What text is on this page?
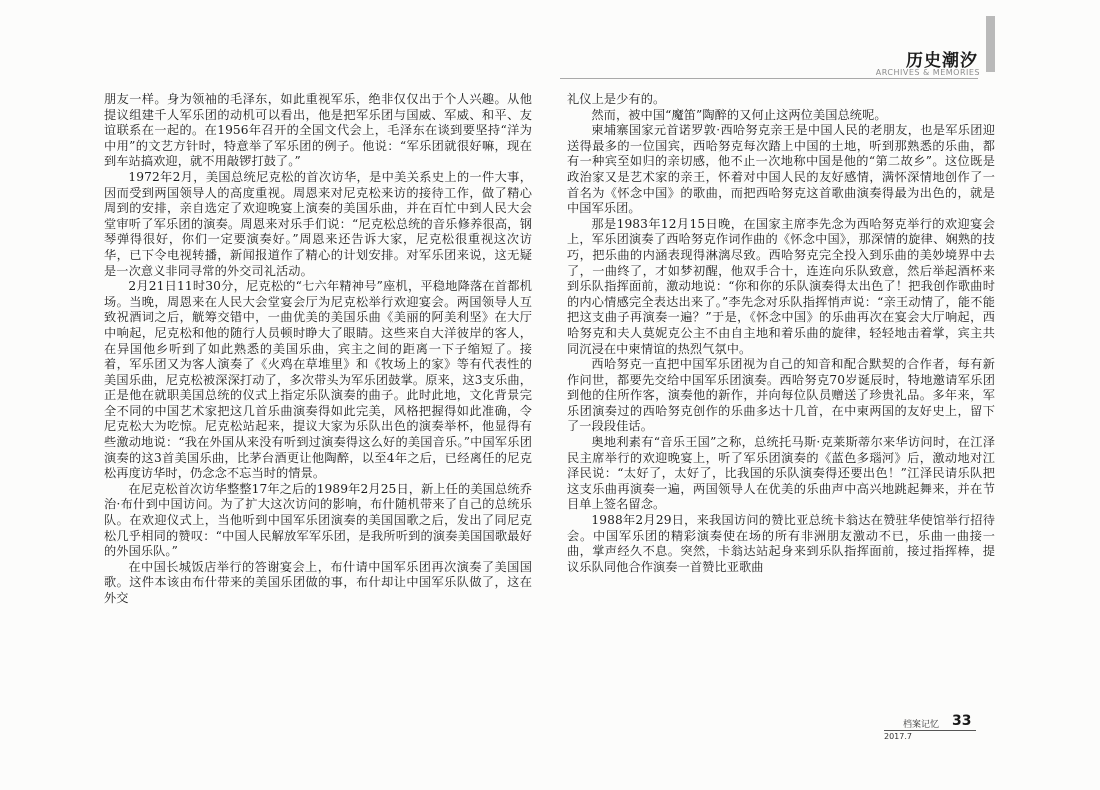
历史潮汐
ARCHIVES & MEMORIES

朋友一样。身为领袖的毛泽东，如此重视军乐，绝非仅仅出于个人兴趣。从他提议组建千人军乐团的动机可以看出，他是把军乐团与国威、军威、和平、友谊联系在一起的。在1956年召开的全国文代会上，毛泽东在谈到要坚持“洋为中用”的文艺方针时，特意举了军乐团的例子。他说：“军乐团就很好嘛，现在到车站搞欢迎，就不用敲锣打鼓了。”

1972年2月，美国总统尼克松的首次访华，是中美关系史上的一件大事，因而受到两国领导人的高度重视。周恩来对尼克松来访的接待工作，做了精心周到的安排，亲自选定了欢迎晚宴上演奏的美国乐曲，并在百忙中到人民大会堂审听了军乐团的演奏。周恩来对乐手们说：“尼克松总统的音乐修养很高，钢琴弹得很好，你们一定要演奏好。”周恩来还告诉大家，尼克松很重视这次访华，已下令电视转播，新闻报道作了精心的计划安排。对军乐团来说，这无疑是一次意义非同寻常的外交司礼活动。

2月21日11时30分，尼克松的“七六年精神号”座机，平稳地降落在首都机场。当晚，周恩来在人民大会堂宴会厅为尼克松举行欢迎宴会。两国领导人互致祝酒词之后，觥筹交错中，一曲优美的美国乐曲《美丽的阿美利坚》在大厅中响起，尼克松和他的随行人员顿时睁大了眼睛。这些来自大洋彼岸的客人，在异国他乡听到了如此熟悉的美国乐曲，宾主之间的距离一下子缩短了。接着，军乐团又为客人演奏了《火鸡在草堆里》和《牧场上的家》等有代表性的美国乐曲，尼克松被深深打动了，多次带头为军乐团鼓掌。原来，这3支乐曲，正是他在就职美国总统的仪式上指定乐队演奏的曲子。此时此地，文化背景完全不同的中国艺术家把这几首乐曲演奏得如此完美，风格把握得如此准确，令尼克松大为吃惊。尼克松站起来，提议大家为乐队出色的演奏举杯，他显得有些激动地说：“我在外国从来没有听到过演奏得这么好的美国音乐。”中国军乐团演奏的这3首美国乐曲，比茅台酒更让他陶醉，以至4年之后，已经离任的尼克松再度访华时，仍念念不忘当时的情景。

在尼克松首次访华整整17年之后的1989年2月25日，新上任的美国总统乔治·布什到中国访问。为了扩大这次访问的影响，布什随机带来了自己的总统乐队。在欢迎仪式上，当他听到中国军乐团演奏的美国国歌之后，发出了同尼克松几乎相同的赞叹：“中国人民解放军军乐团，是我所听到的演奏美国国歌最好的外国乐队。”

在中国长城饭店举行的答谢宴会上，布什请中国军乐团再次演奏了美国国歌。这件本该由布什带来的美国乐团做的事，布什却让中国军乐队做了，这在外交

礼仪上是少有的。

然而，被中国“魔笛”陶醉的又何止这两位美国总统呢。

柬埔寨国家元首诺罗敦·西哈努克亲王是中国人民的老朋友，也是军乐团迎送得最多的一位国宾，西哈努克每次踏上中国的土地，听到那熟悉的乐曲，都有一种宾至如归的亲切感，他不止一次地称中国是他的“第二故乡”。这位既是政治家又是艺术家的亲王，怀着对中国人民的友好感情，满怀深情地创作了一首名为《怀念中国》的歌曲，而把西哈努克这首歌曲演奏得最为出色的，就是中国军乐团。

那是1983年12月15日晚，在国家主席李先念为西哈努克举行的欢迎宴会上，军乐团演奏了西哈努克作词作曲的《怀念中国》，那深情的旋律、娴熟的技巧，把乐曲的内涵表现得淋漓尽致。西哈努克完全投入到乐曲的美妙境界中去了，一曲终了，才如梦初醒，他双手合十，连连向乐队致意，然后举起酒杯来到乐队指挥面前，激动地说：“你和你的乐队演奏得太出色了！把我创作歌曲时的内心情感完全表达出来了。”李先念对乐队指挥悄声说：“亲王动情了，能不能把这支曲子再演奏一遍？”于是，《怀念中国》的乐曲再次在宴会大厅响起，西哈努克和夫人莫妮克公主不由自主地和着乐曲的旋律，轻轻地击着掌，宾主共同沉浸在中柬情谊的热烈气氛中。

西哈努克一直把中国军乐团视为自己的知音和配合默契的合作者，每有新作问世，都要先交给中国军乐团演奏。西哈努克70岁诞辰时，特地邀请军乐团到他的住所作客，演奏他的新作，并向每位队员赠送了珍贵礼品。多年来，军乐团演奏过的西哈努克创作的乐曲多达十几首，在中柬两国的友好史上，留下了一段段佳话。

奥地利素有“音乐王国”之称，总统托马斯·克莱斯蒂尔来华访问时，在江泽民主席举行的欢迎晚宴上，听了军乐团演奏的《蓝色多瑙河》后，激动地对江泽民说：“太好了，太好了，比我国的乐队演奏得还要出色！”江泽民请乐队把这支乐曲再演奏一遍，两国领导人在优美的乐曲声中高兴地跳起舞来，并在节目单上签名留念。

1988年2月29日，来我国访问的赞比亚总统卡翁达在赞驻华使馆举行招待会。中国军乐团的精彩演奏使在场的所有非洲朋友激动不已，乐曲一曲接一曲，掌声经久不息。突然，卡翁达站起身来到乐队指挥面前，接过指挥棒，提议乐队同他合作演奏一首赞比亚歌曲

档案记忆 33
2017.7
